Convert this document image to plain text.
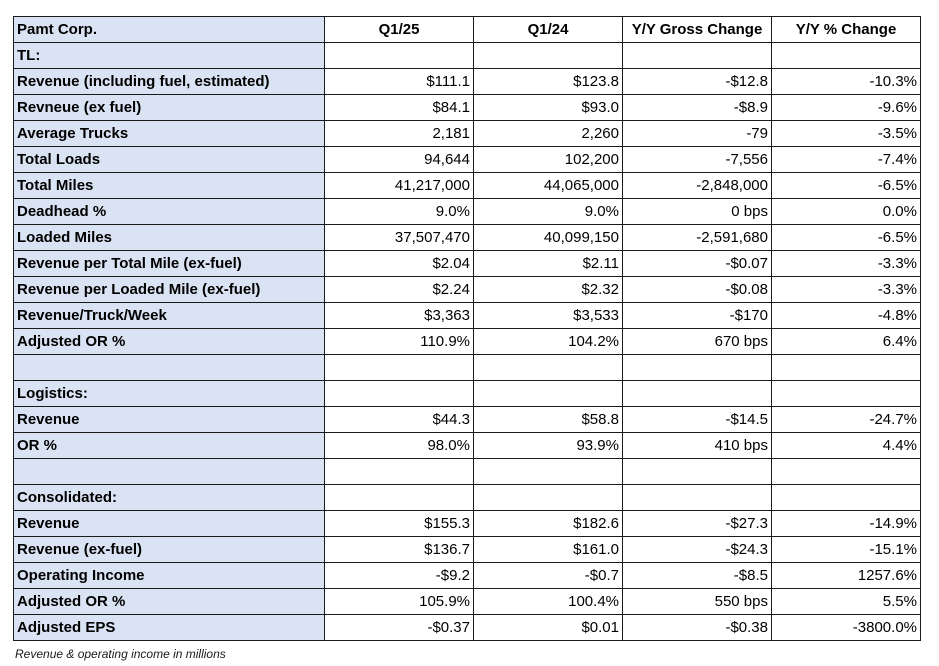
Pamt Corp.	Q1/25	Q1/24	Y/Y Gross Change	Y/Y % Change
TL:				
Revenue (including fuel, estimated)	$111.1	$123.8	-$12.8	-10.3%
Revneue (ex fuel)	$84.1	$93.0	-$8.9	-9.6%
Average Trucks	2,181	2,260	-79	-3.5%
Total Loads	94,644	102,200	-7,556	-7.4%
Total Miles	41,217,000	44,065,000	-2,848,000	-6.5%
Deadhead %	9.0%	9.0%	0 bps	0.0%
Loaded Miles	37,507,470	40,099,150	-2,591,680	-6.5%
Revenue per Total Mile (ex-fuel)	$2.04	$2.11	-$0.07	-3.3%
Revenue per Loaded Mile (ex-fuel)	$2.24	$2.32	-$0.08	-3.3%
Revenue/Truck/Week	$3,363	$3,533	-$170	-4.8%
Adjusted OR %	110.9%	104.2%	670 bps	6.4%

Logistics:				
Revenue	$44.3	$58.8	-$14.5	-24.7%
OR %	98.0%	93.9%	410 bps	4.4%

Consolidated:				
Revenue	$155.3	$182.6	-$27.3	-14.9%
Revenue (ex-fuel)	$136.7	$161.0	-$24.3	-15.1%
Operating Income	-$9.2	-$0.7	-$8.5	1257.6%
Adjusted OR %	105.9%	100.4%	550 bps	5.5%
Adjusted EPS	-$0.37	$0.01	-$0.38	-3800.0%
Revenue & operating income in millions
